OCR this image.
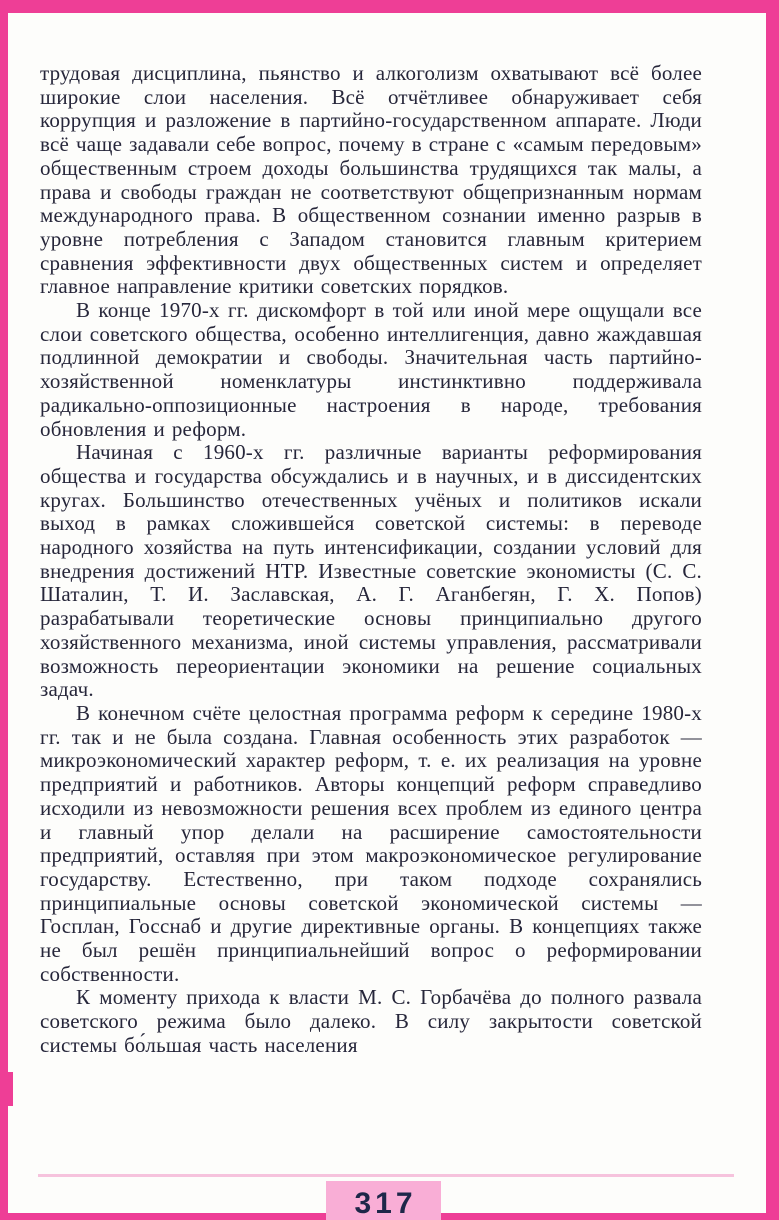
трудовая дисциплина, пьянство и алкоголизм охватывают всё более широкие слои населения. Всё отчётливее обнаруживает себя коррупция и разложение в партийно-государственном аппарате. Люди всё чаще задавали себе вопрос, почему в стране с «самым передовым» общественным строем доходы большинства трудящихся так малы, а права и свободы граждан не соответствуют общепризнанным нормам международного права. В общественном сознании именно разрыв в уровне потребления с Западом становится главным критерием сравнения эффективности двух общественных систем и определяет главное направление критики советских порядков.

В конце 1970-х гг. дискомфорт в той или иной мере ощущали все слои советского общества, особенно интеллигенция, давно жаждавшая подлинной демократии и свободы. Значительная часть партийно-хозяйственной номенклатуры инстинктивно поддерживала радикально-оппозиционные настроения в народе, требования обновления и реформ.

Начиная с 1960-х гг. различные варианты реформирования общества и государства обсуждались и в научных, и в диссидентских кругах. Большинство отечественных учёных и политиков искали выход в рамках сложившейся советской системы: в переводе народного хозяйства на путь интенсификации, создании условий для внедрения достижений НТР. Известные советские экономисты (С. С. Шаталин, Т. И. Заславская, А. Г. Аганбегян, Г. Х. Попов) разрабатывали теоретические основы принципиально другого хозяйственного механизма, иной системы управления, рассматривали возможность переориентации экономики на решение социальных задач.

В конечном счёте целостная программа реформ к середине 1980-х гг. так и не была создана. Главная особенность этих разработок — микроэкономический характер реформ, т. е. их реализация на уровне предприятий и работников. Авторы концепций реформ справедливо исходили из невозможности решения всех проблем из единого центра и главный упор делали на расширение самостоятельности предприятий, оставляя при этом макроэкономическое регулирование государству. Естественно, при таком подходе сохранялись принципиальные основы советской экономической системы — Госплан, Госснаб и другие директивные органы. В концепциях также не был решён принципиальнейший вопрос о реформировании собственности.

К моменту прихода к власти М. С. Горбачёва до полного развала советского режима было далеко. В силу закрытости советской системы бо́льшая часть населения

317
